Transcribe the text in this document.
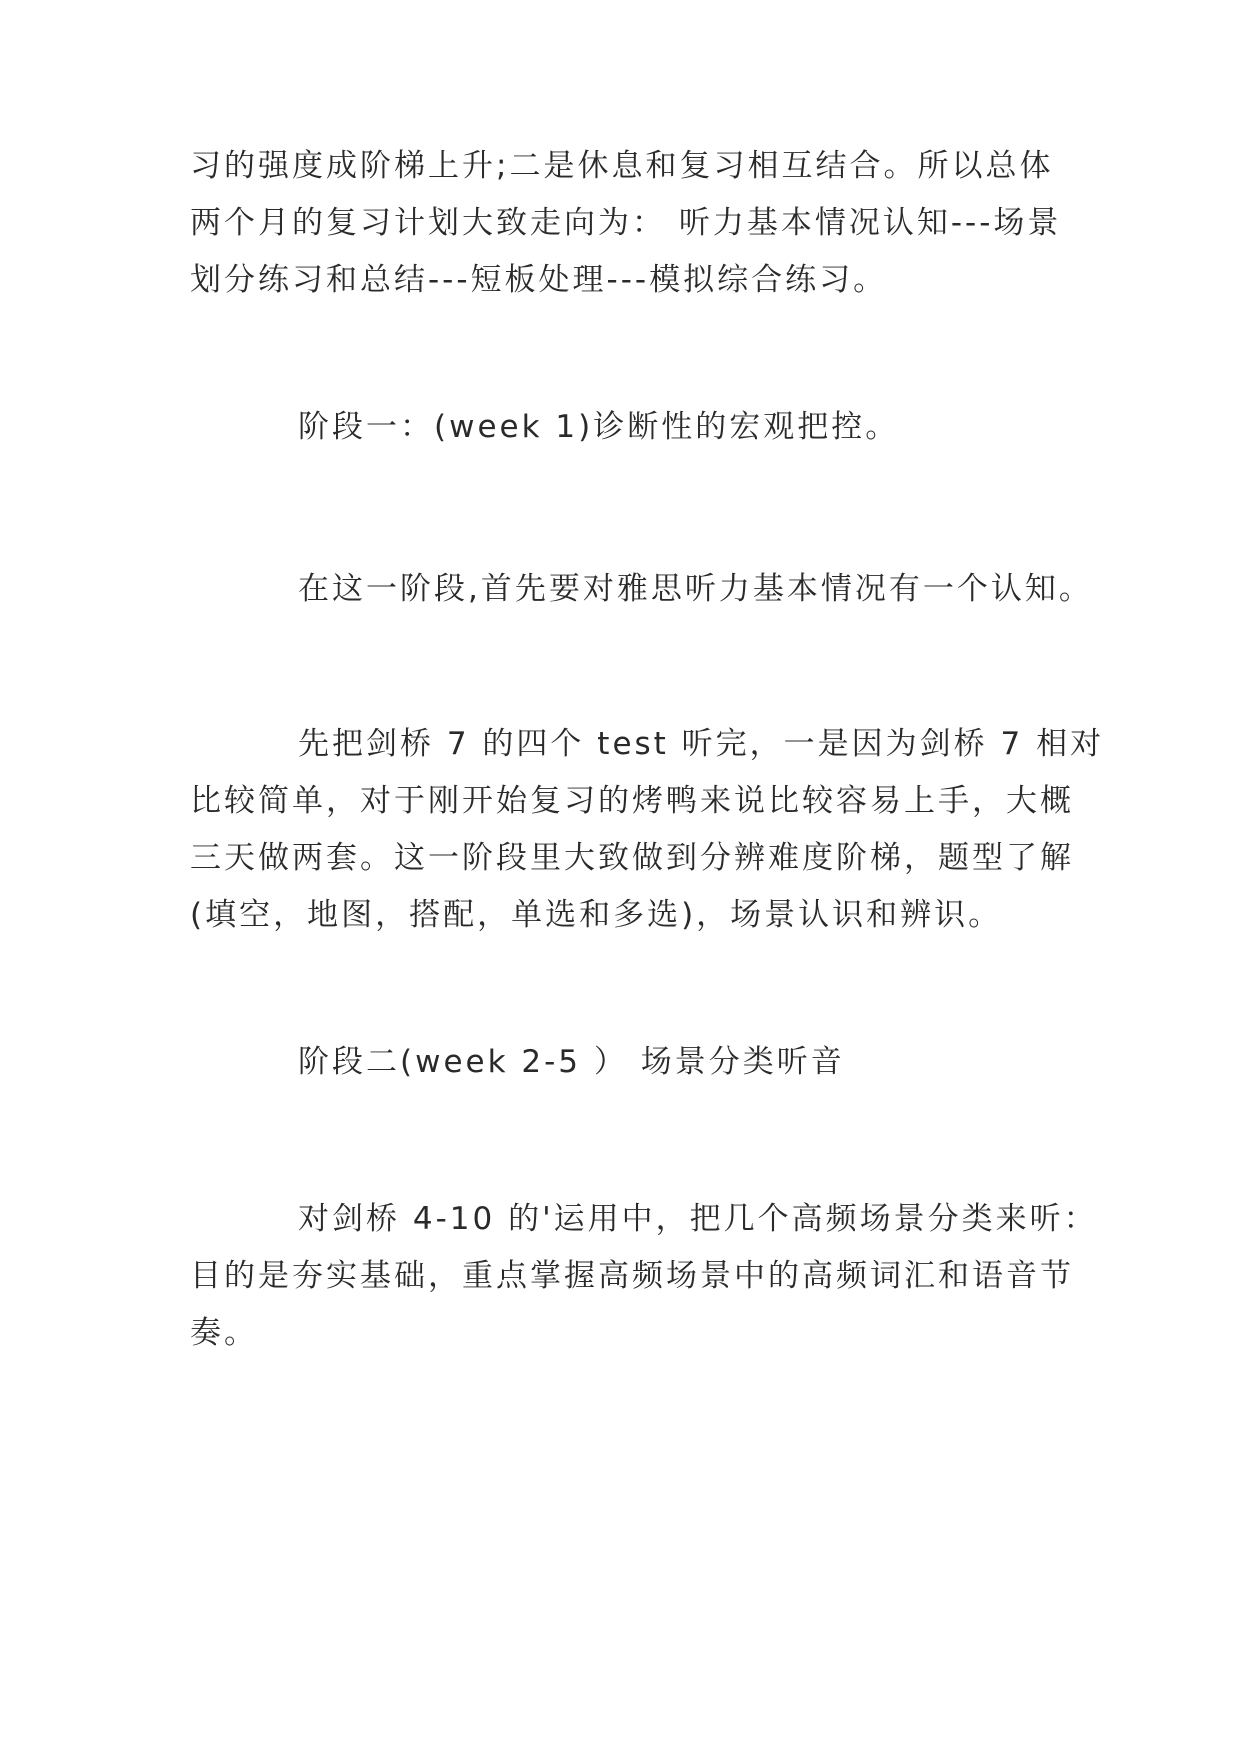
习的强度成阶梯上升;二是休息和复习相互结合。所以总体
两个月的复习计划大致走向为： 听力基本情况认知---场景
划分练习和总结---短板处理---模拟综合练习。
阶段一：(week 1)诊断性的宏观把控。
在这一阶段,首先要对雅思听力基本情况有一个认知。
先把剑桥 7 的四个 test 听完，一是因为剑桥 7 相对
比较简单，对于刚开始复习的烤鸭来说比较容易上手，大概
三天做两套。这一阶段里大致做到分辨难度阶梯，题型了解
(填空，地图，搭配，单选和多选)，场景认识和辨识。
阶段二(week 2-5 ） 场景分类听音
对剑桥 4-10 的'运用中，把几个高频场景分类来听：
目的是夯实基础，重点掌握高频场景中的高频词汇和语音节
奏。
